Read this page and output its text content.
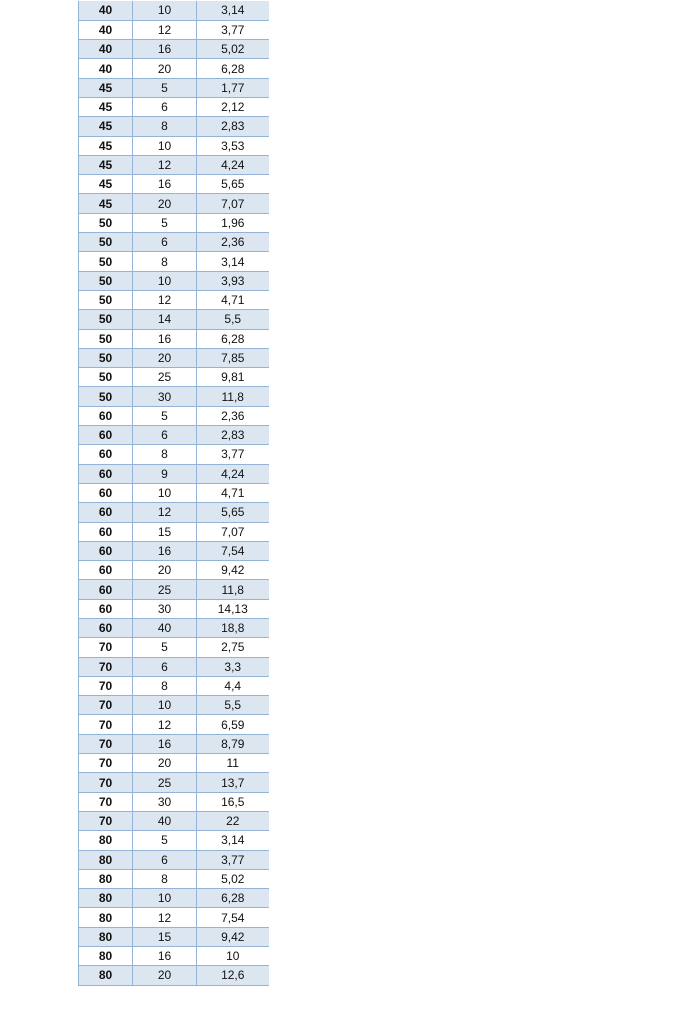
40	10	3,14
40	12	3,77
40	16	5,02
40	20	6,28
45	5	1,77
45	6	2,12
45	8	2,83
45	10	3,53
45	12	4,24
45	16	5,65
45	20	7,07
50	5	1,96
50	6	2,36
50	8	3,14
50	10	3,93
50	12	4,71
50	14	5,5
50	16	6,28
50	20	7,85
50	25	9,81
50	30	11,8
60	5	2,36
60	6	2,83
60	8	3,77
60	9	4,24
60	10	4,71
60	12	5,65
60	15	7,07
60	16	7,54
60	20	9,42
60	25	11,8
60	30	14,13
60	40	18,8
70	5	2,75
70	6	3,3
70	8	4,4
70	10	5,5
70	12	6,59
70	16	8,79
70	20	11
70	25	13,7
70	30	16,5
70	40	22
80	5	3,14
80	6	3,77
80	8	5,02
80	10	6,28
80	12	7,54
80	15	9,42
80	16	10
80	20	12,6
